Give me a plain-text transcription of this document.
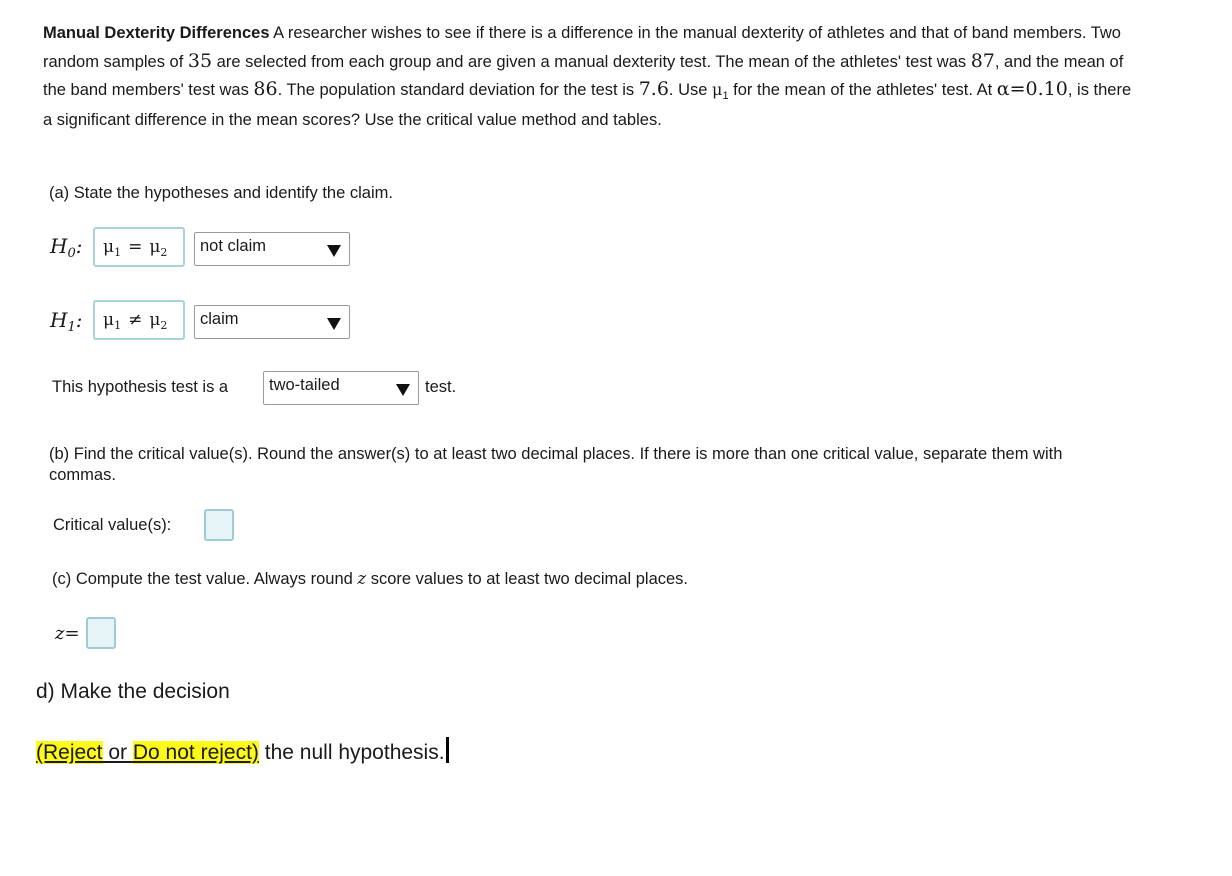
Manual Dexterity Differences A researcher wishes to see if there is a difference in the manual dexterity of athletes and that of band members. Two random samples of 35 are selected from each group and are given a manual dexterity test. The mean of the athletes' test was 87, and the mean of the band members' test was 86. The population standard deviation for the test is 7.6. Use $\mu_1$ for the mean of the athletes' test. At α=0.10, is there a significant difference in the mean scores? Use the critical value method and tables.
(a) State the hypotheses and identify the claim.
$H_0$: $\mu_1 = \mu_2$	not claim
$H_1$: $\mu_1 \ne \mu_2$	claim
This hypothesis test is a	two-tailed	test.
(b) Find the critical value(s). Round the answer(s) to at least two decimal places. If there is more than one critical value, separate them with commas.
Critical value(s):
(c) Compute the test value. Always round z score values to at least two decimal places.
z=
d) Make the decision
(Reject or Do not reject) the null hypothesis.
